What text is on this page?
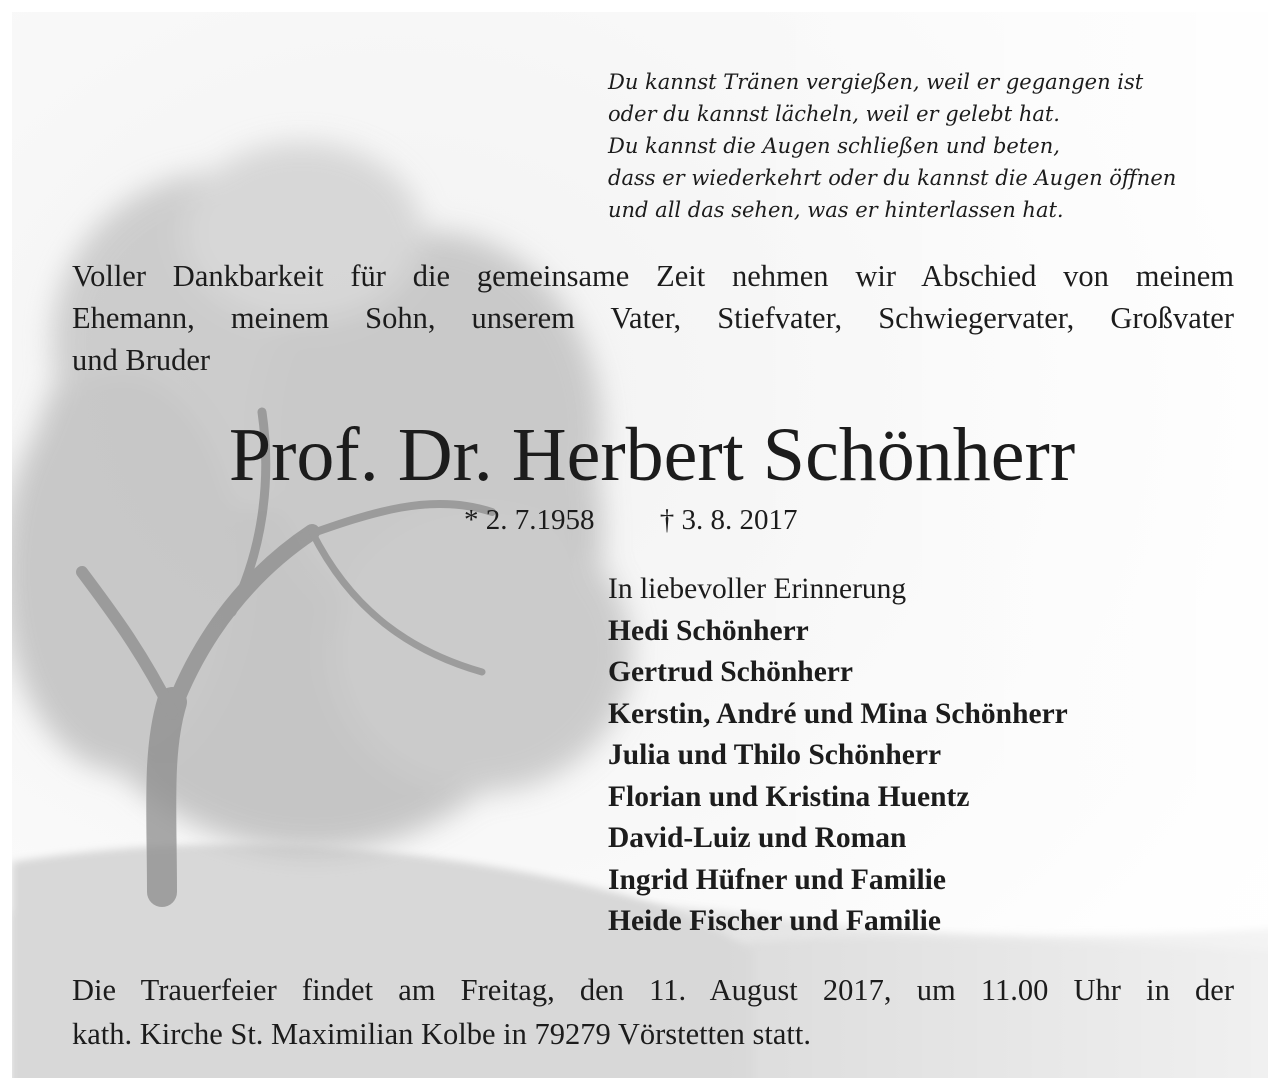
Du kannst Tränen vergießen, weil er gegangen ist
oder du kannst lächeln, weil er gelebt hat.
Du kannst die Augen schließen und beten,
dass er wiederkehrt oder du kannst die Augen öffnen
und all das sehen, was er hinterlassen hat.
Voller Dankbarkeit für die gemeinsame Zeit nehmen wir Abschied von meinem
Ehemann, meinem Sohn, unserem Vater, Stiefvater, Schwiegervater, Großvater
und Bruder
Prof. Dr. Herbert Schönherr
* 2. 7.1958 † 3. 8. 2017
In liebevoller Erinnerung
Hedi Schönherr
Gertrud Schönherr
Kerstin, André und Mina Schönherr
Julia und Thilo Schönherr
Florian und Kristina Huentz
David-Luiz und Roman
Ingrid Hüfner und Familie
Heide Fischer und Familie
Die Trauerfeier findet am Freitag, den 11. August 2017, um 11.00 Uhr in der
kath. Kirche St. Maximilian Kolbe in 79279 Vörstetten statt.
